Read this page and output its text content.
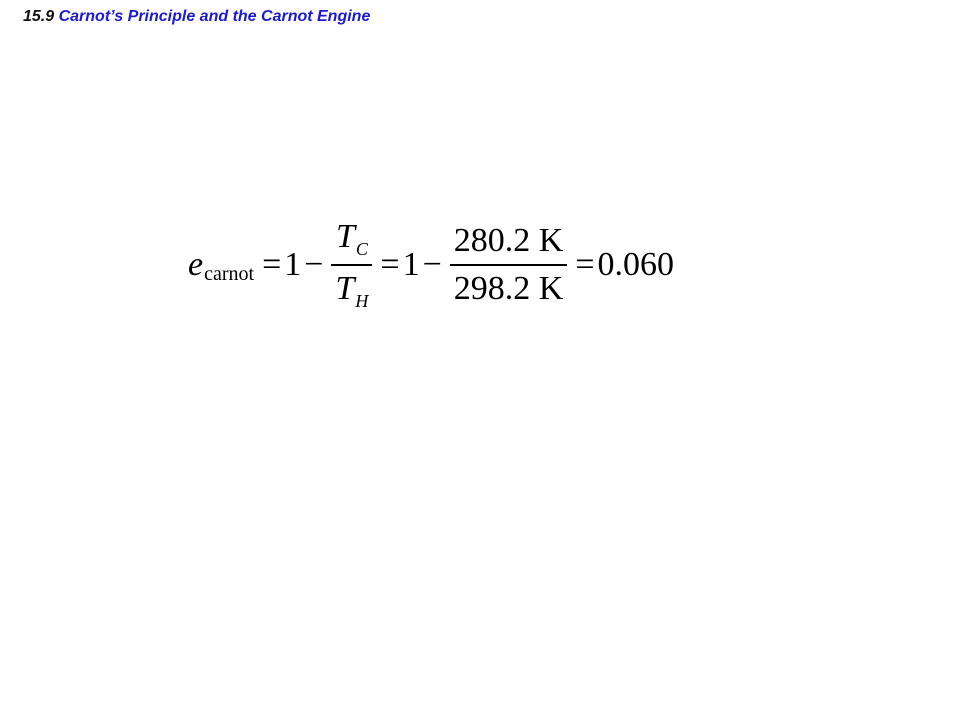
15.9 Carnot’s Principle and the Carnot Engine
e carnot = $1 - \frac{T_C}{T_H} = 1 - \frac{280.2 K}{298.2 K} = 0.060$
